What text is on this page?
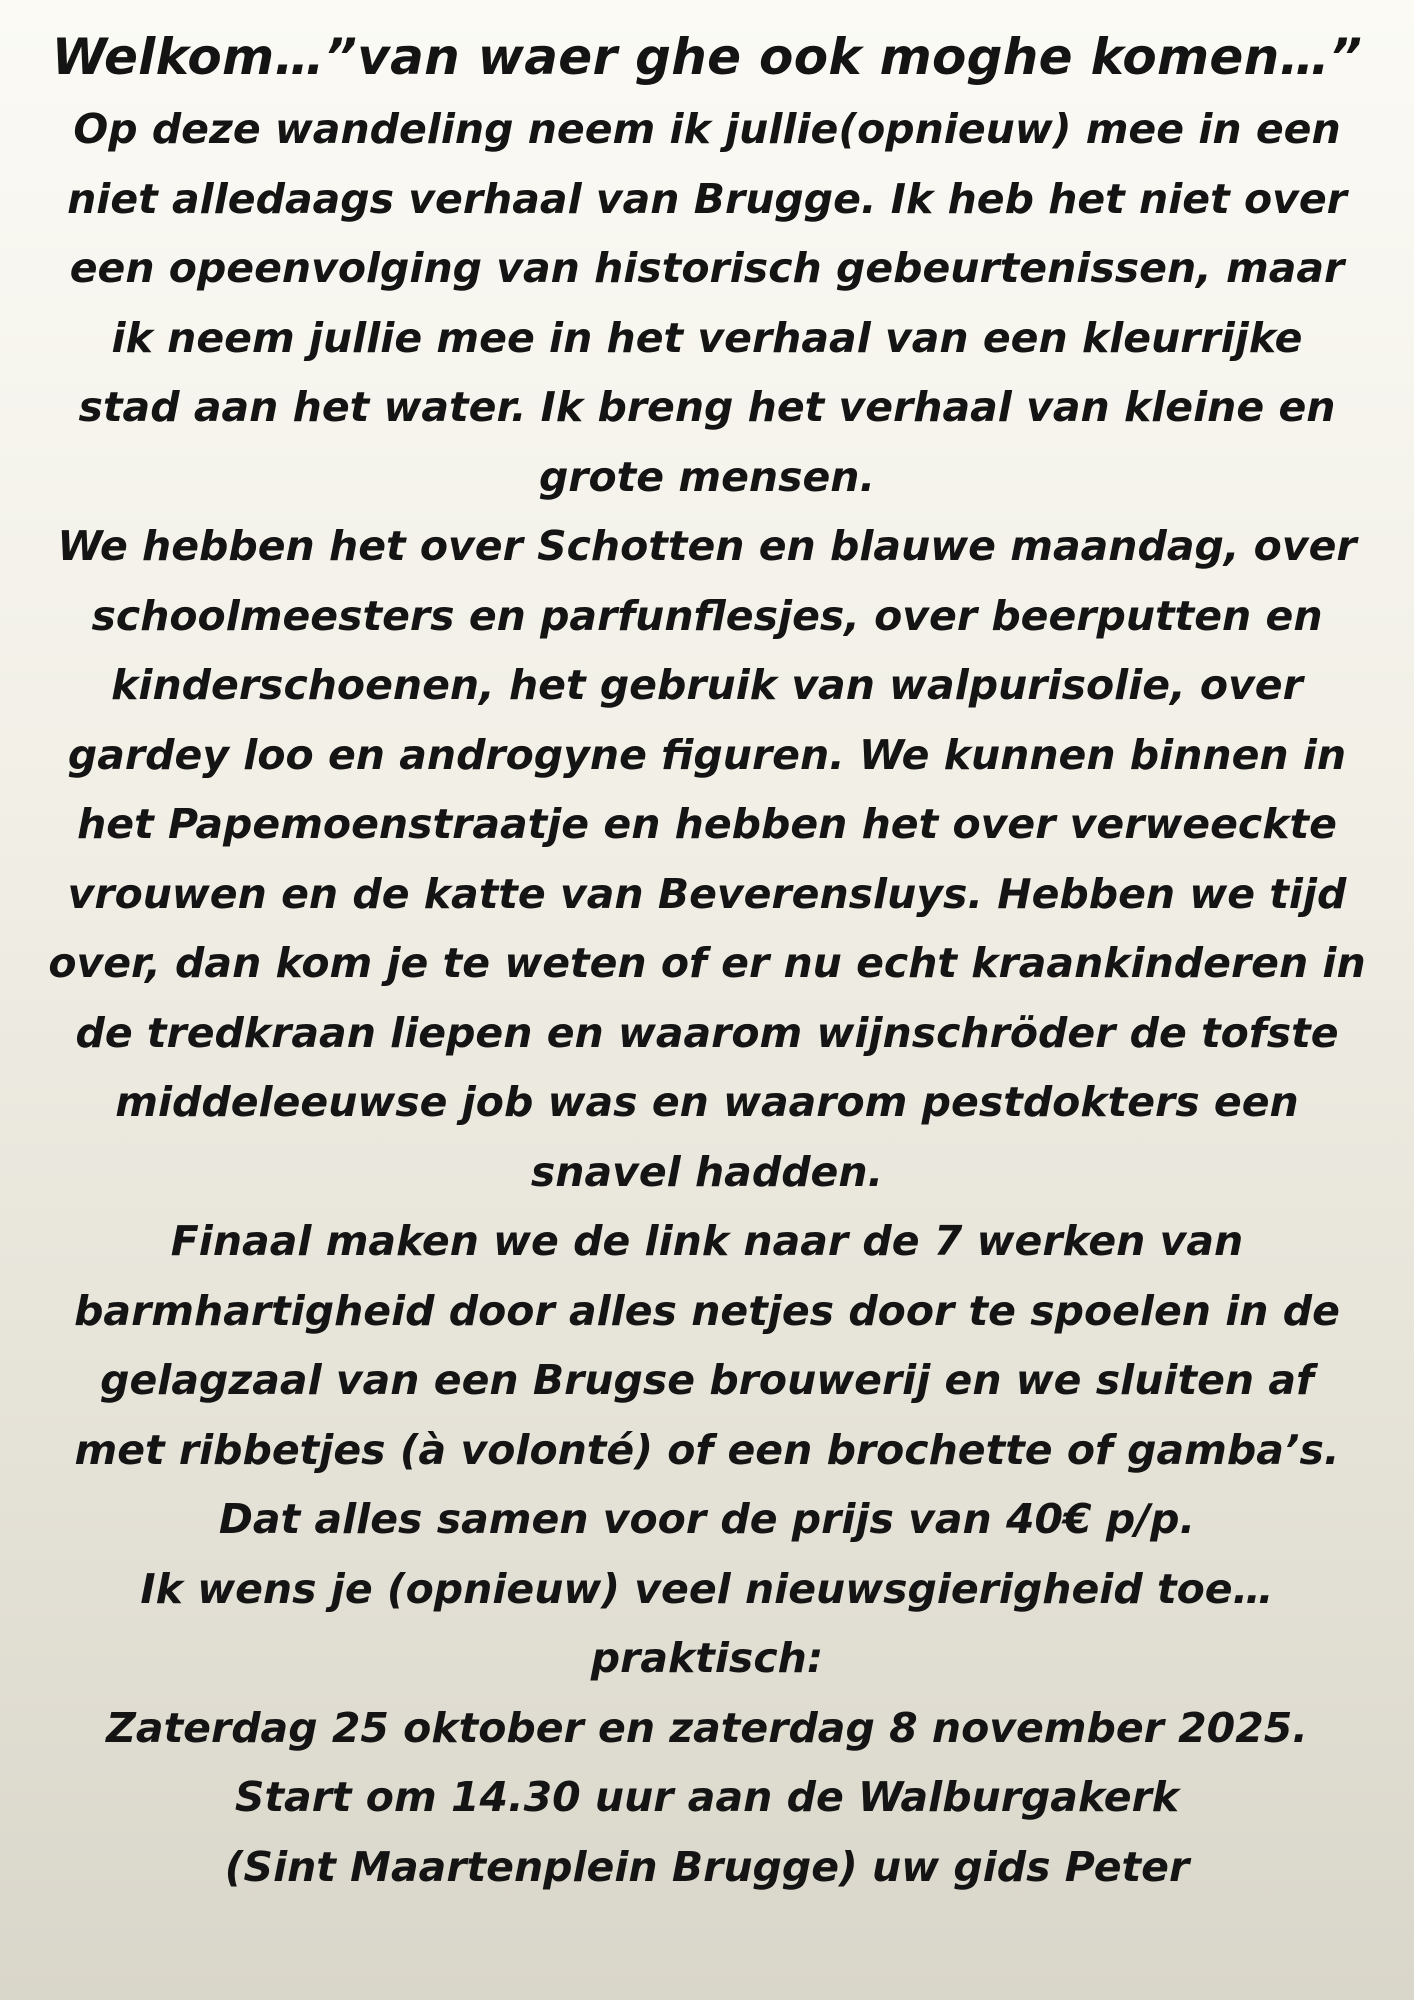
Welkom…”van waer ghe ook moghe komen…”
Op deze wandeling neem ik jullie(opnieuw) mee in een
niet alledaags verhaal van Brugge. Ik heb het niet over
een opeenvolging van historisch gebeurtenissen, maar
ik neem jullie mee in het verhaal van een kleurrijke
stad aan het water. Ik breng het verhaal van kleine en
grote mensen.
We hebben het over Schotten en blauwe maandag, over
schoolmeesters en parfunflesjes, over beerputten en
kinderschoenen, het gebruik van walpurisolie, over
gardey loo en androgyne figuren. We kunnen binnen in
het Papemoenstraatje en hebben het over verweeckte
vrouwen en de katte van Beverensluys. Hebben we tijd
over, dan kom je te weten of er nu echt kraankinderen in
de tredkraan liepen en waarom wijnschröder de tofste
middeleeuwse job was en waarom pestdokters een
snavel hadden.
Finaal maken we de link naar de 7 werken van
barmhartigheid door alles netjes door te spoelen in de
gelagzaal van een Brugse brouwerij en we sluiten af
met ribbetjes (à volonté) of een brochette of gamba’s.
Dat alles samen voor de prijs van 40€ p/p.
Ik wens je (opnieuw) veel nieuwsgierigheid toe…
praktisch:
Zaterdag 25 oktober en zaterdag 8 november 2025.
Start om 14.30 uur aan de Walburgakerk
(Sint Maartenplein Brugge) uw gids Peter
